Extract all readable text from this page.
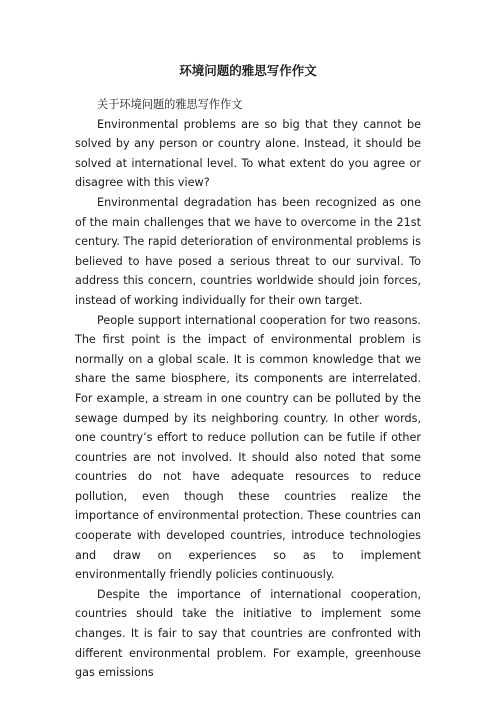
环境问题的雅思写作作文

关于环境问题的雅思写作作文

Environmental problems are so big that they cannot be solved by any person or country alone. Instead, it should be solved at international level. To what extent do you agree or disagree with this view?

Environmental degradation has been recognized as one of the main challenges that we have to overcome in the 21st century. The rapid deterioration of environmental problems is believed to have posed a serious threat to our survival. To address this concern, countries worldwide should join forces, instead of working individually for their own target.

People support international cooperation for two reasons. The first point is the impact of environmental problem is normally on a global scale. It is common knowledge that we share the same biosphere, its components are interrelated. For example, a stream in one country can be polluted by the sewage dumped by its neighboring country. In other words, one country’s effort to reduce pollution can be futile if other countries are not involved. It should also noted that some countries do not have adequate resources to reduce pollution, even though these countries realize the importance of environmental protection. These countries can cooperate with developed countries, introduce technologies and draw on experiences so as to implement environmentally friendly policies continuously.

Despite the importance of international cooperation, countries should take the initiative to implement some changes. It is fair to say that countries are confronted with different environmental problem. For example, greenhouse gas emissions
